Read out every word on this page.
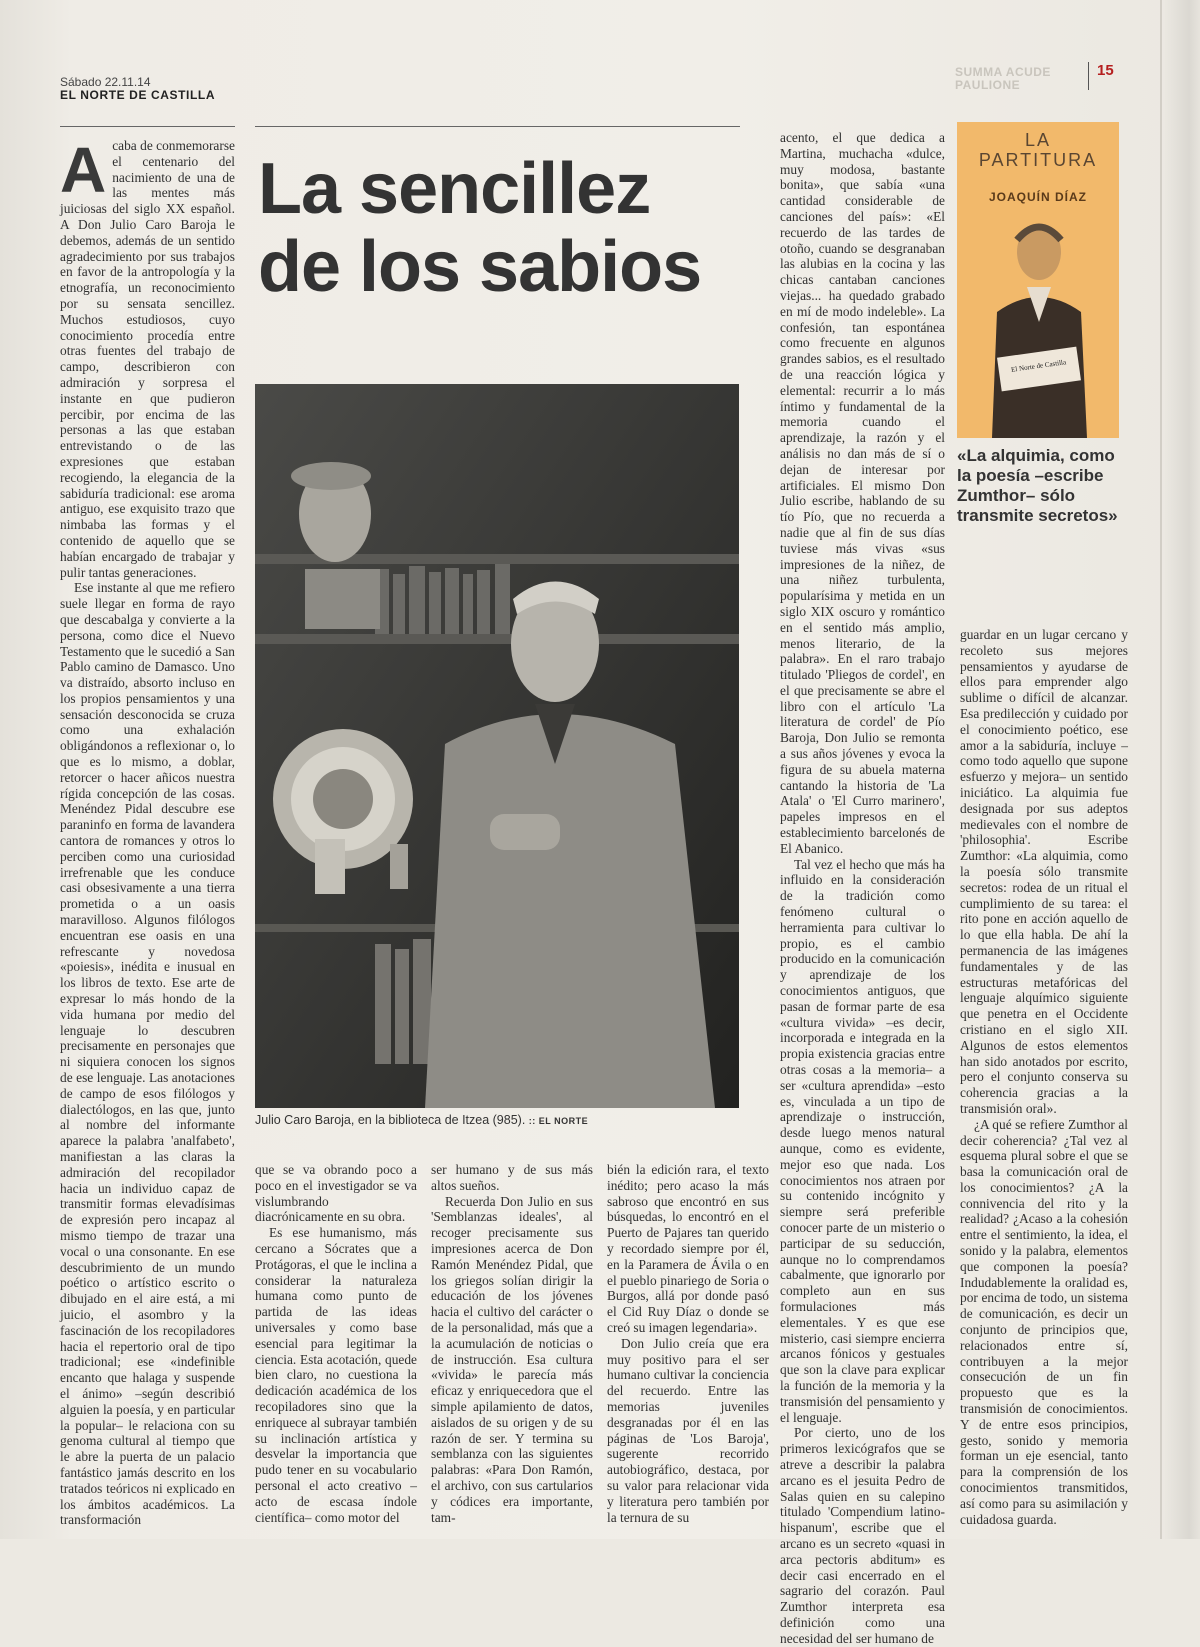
Sábado 22.11.14
EL NORTE DE CASTILLA
SUMMA ACUDE PAULIONE
15
La sencillez de los sabios

Acaba de conmemorarse el centenario del nacimiento de una de las mentes más juiciosas del siglo XX español. A Don Julio Caro Baroja le debemos, además de un sentido agradecimiento por sus trabajos en favor de la antropología y la etnografía, un reconocimiento por su sensata sencillez. Muchos estudiosos, cuyo conocimiento procedía entre otras fuentes del trabajo de campo, describieron con admiración y sorpresa el instante en que pudieron percibir, por encima de las personas a las que estaban entrevistando o de las expresiones que estaban recogiendo, la elegancia de la sabiduría tradicional: ese aroma antiguo, ese exquisito trazo que nimbaba las formas y el contenido de aquello que se habían encargado de trabajar y pulir tantas generaciones.

Ese instante al que me refiero suele llegar en forma de rayo que descabalga y convierte a la persona, como dice el Nuevo Testamento que le sucedió a San Pablo camino de Damasco. Uno va distraído, absorto incluso en los propios pensamientos y una sensación desconocida se cruza como una exhalación obligándonos a reflexionar o, lo que es lo mismo, a doblar, retorcer o hacer añicos nuestra rígida concepción de las cosas. Menéndez Pidal descubre ese paraninfo en forma de lavandera cantora de romances y otros lo perciben como una curiosidad irrefrenable que les conduce casi obsesivamente a una tierra prometida o a un oasis maravilloso. Algunos filólogos encuentran ese oasis en una refrescante y novedosa «poiesis», inédita e inusual en los libros de texto. Ese arte de expresar lo más hondo de la vida humana por medio del lenguaje lo descubren precisamente en personajes que ni siquiera conocen los signos de ese lenguaje. Las anotaciones de campo de esos filólogos y dialectólogos, en las que, junto al nombre del informante aparece la palabra 'analfabeto', manifiestan a las claras la admiración del recopilador hacia un individuo capaz de transmitir formas elevadísimas de expresión pero incapaz al mismo tiempo de trazar una vocal o una consonante. En ese descubrimiento de un mundo poético o artístico escrito o dibujado en el aire está, a mi juicio, el asombro y la fascinación de los recopiladores hacia el repertorio oral de tipo tradicional; ese «indefinible encanto que halaga y suspende el ánimo» –según describió alguien la poesía, y en particular la popular– le relaciona con su genoma cultural al tiempo que le abre la puerta de un palacio fantástico jamás descrito en los tratados teóricos ni explicado en los ámbitos académicos. La transformación

Julio Caro Baroja, en la biblioteca de Itzea (985). :: EL NORTE

que se va obrando poco a poco en el investigador se va vislumbrando diacrónicamente en su obra.

Es ese humanismo, más cercano a Sócrates que a Protágoras, el que le inclina a considerar la naturaleza humana como punto de partida de las ideas universales y como base esencial para legitimar la ciencia. Esta acotación, quede bien claro, no cuestiona la dedicación académica de los recopiladores sino que la enriquece al subrayar también su inclinación artística y desvelar la importancia que pudo tener en su vocabulario personal el acto creativo –acto de escasa índole científica– como motor del

ser humano y de sus más altos sueños.

Recuerda Don Julio en sus 'Semblanzas ideales', al recoger precisamente sus impresiones acerca de Don Ramón Menéndez Pidal, que los griegos solían dirigir la educación de los jóvenes hacia el cultivo del carácter o de la personalidad, más que a la acumulación de noticias o de instrucción. Esa cultura «vivida» le parecía más eficaz y enriquecedora que el simple apilamiento de datos, aislados de su origen y de su razón de ser. Y termina su semblanza con las siguientes palabras: «Para Don Ramón, el archivo, con sus cartularios y códices era importante, tam-

bién la edición rara, el texto inédito; pero acaso la más sabroso que encontró en sus búsquedas, lo encontró en el Puerto de Pajares tan querido y recordado siempre por él, en la Paramera de Ávila o en el pueblo pinariego de Soria o Burgos, allá por donde pasó el Cid Ruy Díaz o donde se creó su imagen legendaria».

Don Julio creía que era muy positivo para el ser humano cultivar la conciencia del recuerdo. Entre las memorias juveniles desgranadas por él en las páginas de 'Los Baroja', sugerente recorrido autobiográfico, destaca, por su valor para relacionar vida y literatura pero también por la ternura de su

acento, el que dedica a Martina, muchacha «dulce, muy modosa, bastante bonita», que sabía «una cantidad considerable de canciones del país»: «El recuerdo de las tardes de otoño, cuando se desgranaban las alubias en la cocina y las chicas cantaban canciones viejas... ha quedado grabado en mí de modo indeleble». La confesión, tan espontánea como frecuente en algunos grandes sabios, es el resultado de una reacción lógica y elemental: recurrir a lo más íntimo y fundamental de la memoria cuando el aprendizaje, la razón y el análisis no dan más de sí o dejan de interesar por artificiales. El mismo Don Julio escribe, hablando de su tío Pío, que no recuerda a nadie que al fin de sus días tuviese más vivas «sus impresiones de la niñez, de una niñez turbulenta, popularísima y metida en un siglo XIX oscuro y romántico en el sentido más amplio, menos literario, de la palabra». En el raro trabajo titulado 'Pliegos de cordel', en el que precisamente se abre el libro con el artículo 'La literatura de cordel' de Pío Baroja, Don Julio se remonta a sus años jóvenes y evoca la figura de su abuela materna cantando la historia de 'La Atala' o 'El Curro marinero', papeles impresos en el establecimiento barcelonés de El Abanico.

Tal vez el hecho que más ha influido en la consideración de la tradición como fenómeno cultural o herramienta para cultivar lo propio, es el cambio producido en la comunicación y aprendizaje de los conocimientos antiguos, que pasan de formar parte de esa «cultura vivida» –es decir, incorporada e integrada en la propia existencia gracias entre otras cosas a la memoria– a ser «cultura aprendida» –esto es, vinculada a un tipo de aprendizaje o instrucción, desde luego menos natural aunque, como es evidente, mejor eso que nada. Los conocimientos nos atraen por su contenido incógnito y siempre será preferible conocer parte de un misterio o participar de su seducción, aunque no lo comprendamos cabalmente, que ignorarlo por completo aun en sus formulaciones más elementales. Y es que ese misterio, casi siempre encierra arcanos fónicos y gestuales que son la clave para explicar la función de la memoria y la transmisión del pensamiento y el lenguaje.

Por cierto, uno de los primeros lexicógrafos que se atreve a describir la palabra arcano es el jesuita Pedro de Salas quien en su calepino titulado 'Compendium latino-hispanum', escribe que el arcano es un secreto «quasi in arca pectoris abditum» es decir casi encerrado en el sagrario del corazón. Paul Zumthor interpreta esa definición como una necesidad del ser humano de

LA
PARTITURA
JOAQUÍN DÍAZ
El Norte de Castilla
«La alquimia, como la poesía –escribe Zumthor– sólo transmite secretos»

guardar en un lugar cercano y recoleto sus mejores pensamientos y ayudarse de ellos para emprender algo sublime o difícil de alcanzar. Esa predilección y cuidado por el conocimiento poético, ese amor a la sabiduría, incluye –como todo aquello que supone esfuerzo y mejora– un sentido iniciático. La alquimia fue designada por sus adeptos medievales con el nombre de 'philosophia'. Escribe Zumthor: «La alquimia, como la poesía sólo transmite secretos: rodea de un ritual el cumplimiento de su tarea: el rito pone en acción aquello de lo que ella habla. De ahí la permanencia de las imágenes fundamentales y de las estructuras metafóricas del lenguaje alquímico siguiente que penetra en el Occidente cristiano en el siglo XII. Algunos de estos elementos han sido anotados por escrito, pero el conjunto conserva su coherencia gracias a la transmisión oral».

¿A qué se refiere Zumthor al decir coherencia? ¿Tal vez al esquema plural sobre el que se basa la comunicación oral de los conocimientos? ¿A la connivencia del rito y la realidad? ¿Acaso a la cohesión entre el sentimiento, la idea, el sonido y la palabra, elementos que componen la poesía? Indudablemente la oralidad es, por encima de todo, un sistema de comunicación, es decir un conjunto de principios que, relacionados entre sí, contribuyen a la mejor consecución de un fin propuesto que es la transmisión de conocimientos. Y de entre esos principios, gesto, sonido y memoria forman un eje esencial, tanto para la comprensión de los conocimientos transmitidos, así como para su asimilación y cuidadosa guarda.
